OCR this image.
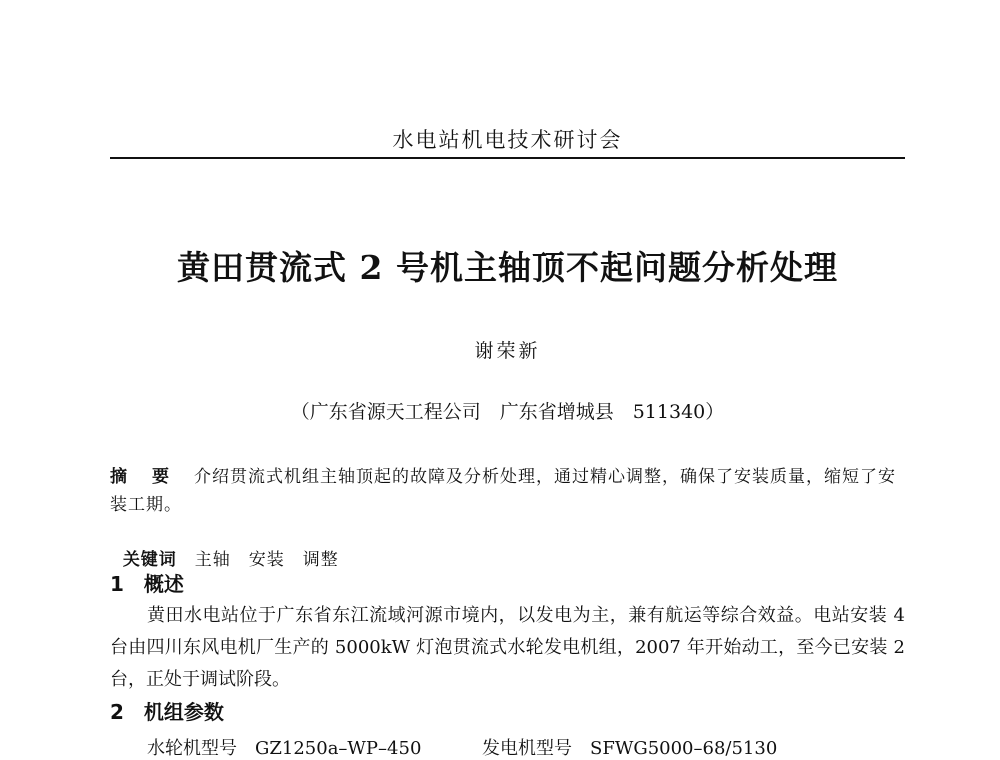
水电站机电技术研讨会
黄田贯流式 2 号机主轴顶不起问题分析处理
谢荣新
（广东省源天工程公司　广东省增城县　511340）
摘　要　介绍贯流式机组主轴顶起的故障及分析处理，通过精心调整，确保了安装质量，缩短了安装工期。

关键词　主轴　安装　调整

1　概述
黄田水电站位于广东省东江流域河源市境内，以发电为主，兼有航运等综合效益。电站安装 4 台由四川东风电机厂生产的 5000kW 灯泡贯流式水轮发电机组，2007 年开始动工，至今已安装 2 台，正处于调试阶段。
2　机组参数
水轮机型号　GZ1250a–WP–450	发电机型号　SFWG5000–68/5130
